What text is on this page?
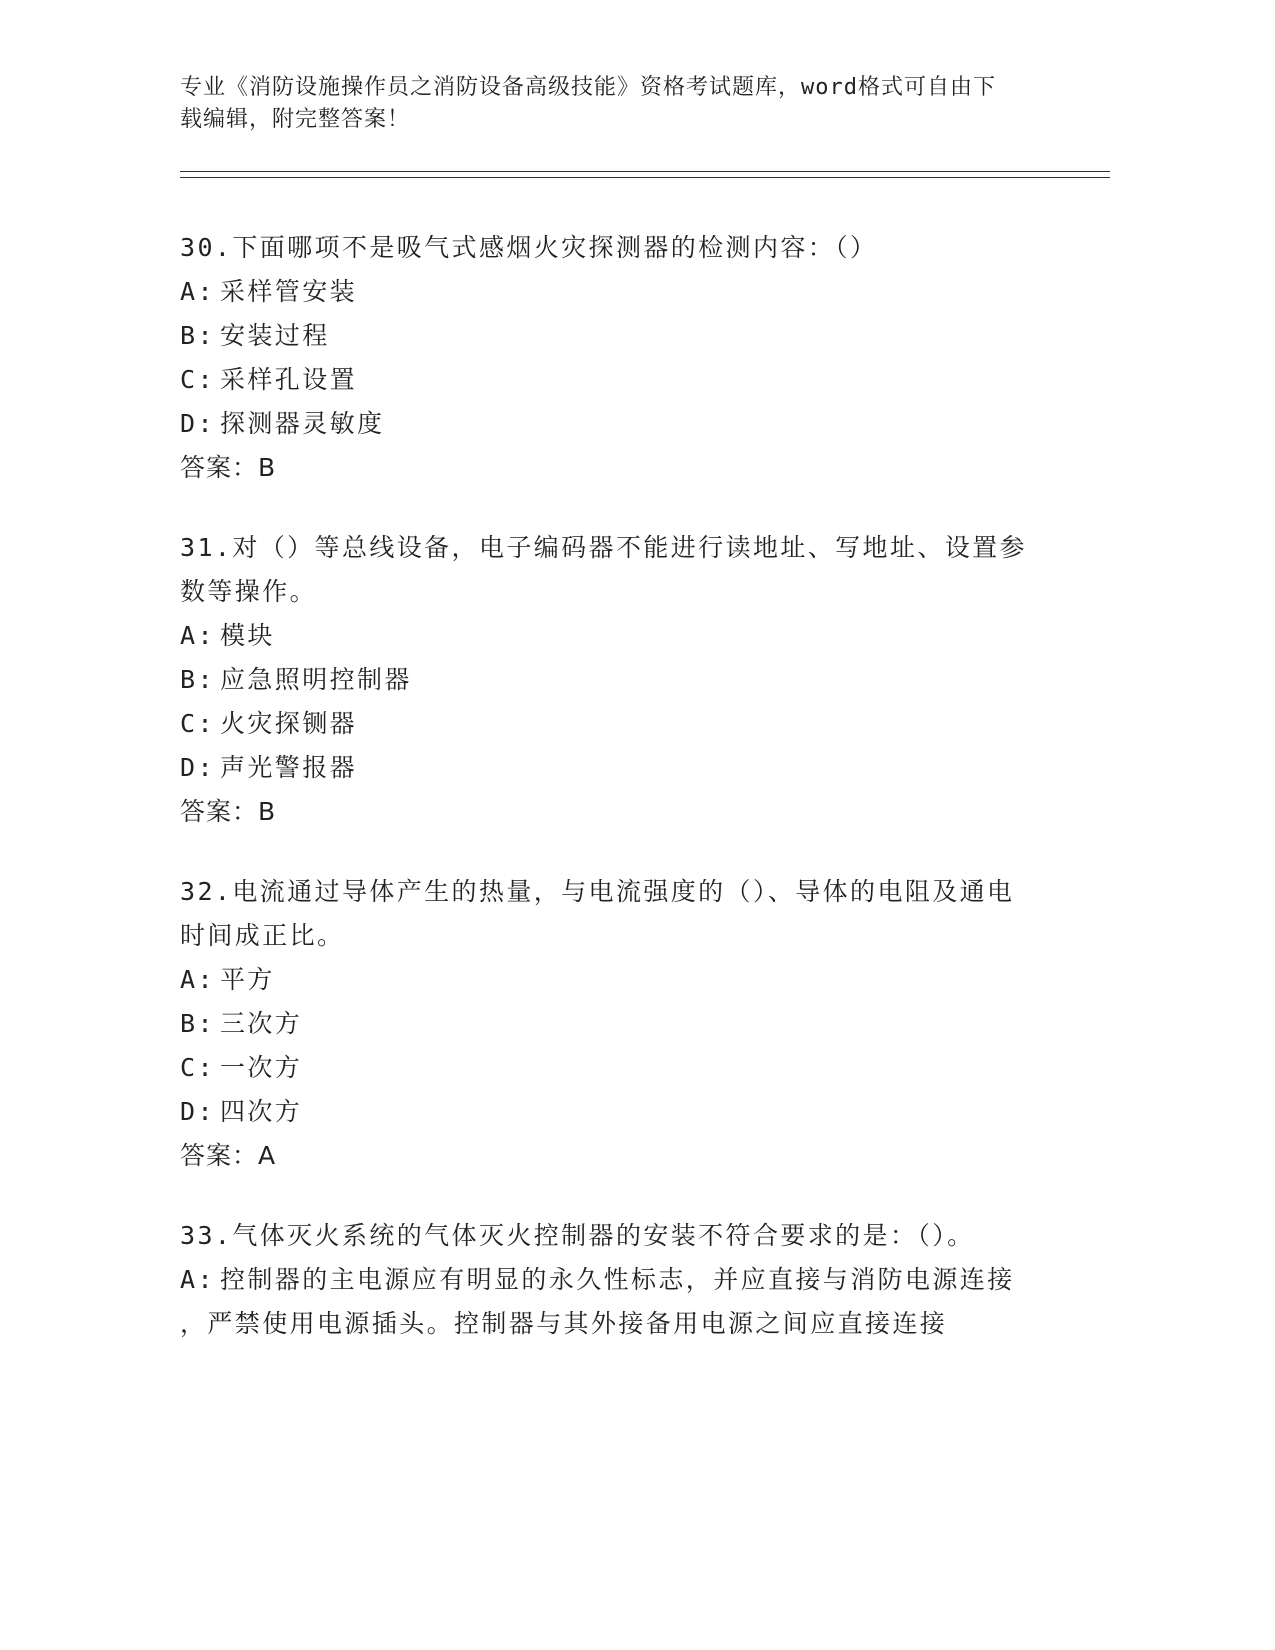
专业《消防设施操作员之消防设备高级技能》资格考试题库，word格式可自由下
载编辑，附完整答案！
30.下面哪项不是吸气式感烟火灾探测器的检测内容：（）
A: 采样管安装
B: 安装过程
C: 采样孔设置
D: 探测器灵敏度
答案：B
31.对（）等总线设备，电子编码器不能进行读地址、写地址、设置参
数等操作。
A: 模块
B: 应急照明控制器
C: 火灾探铡器
D: 声光警报器
答案：B
32.电流通过导体产生的热量，与电流强度的（）、导体的电阻及通电
时间成正比。
A: 平方
B: 三次方
C: 一次方
D: 四次方
答案：A
33.气体灭火系统的气体灭火控制器的安装不符合要求的是：（）。
A: 控制器的主电源应有明显的永久性标志，并应直接与消防电源连接
，严禁使用电源插头。控制器与其外接备用电源之间应直接连接
